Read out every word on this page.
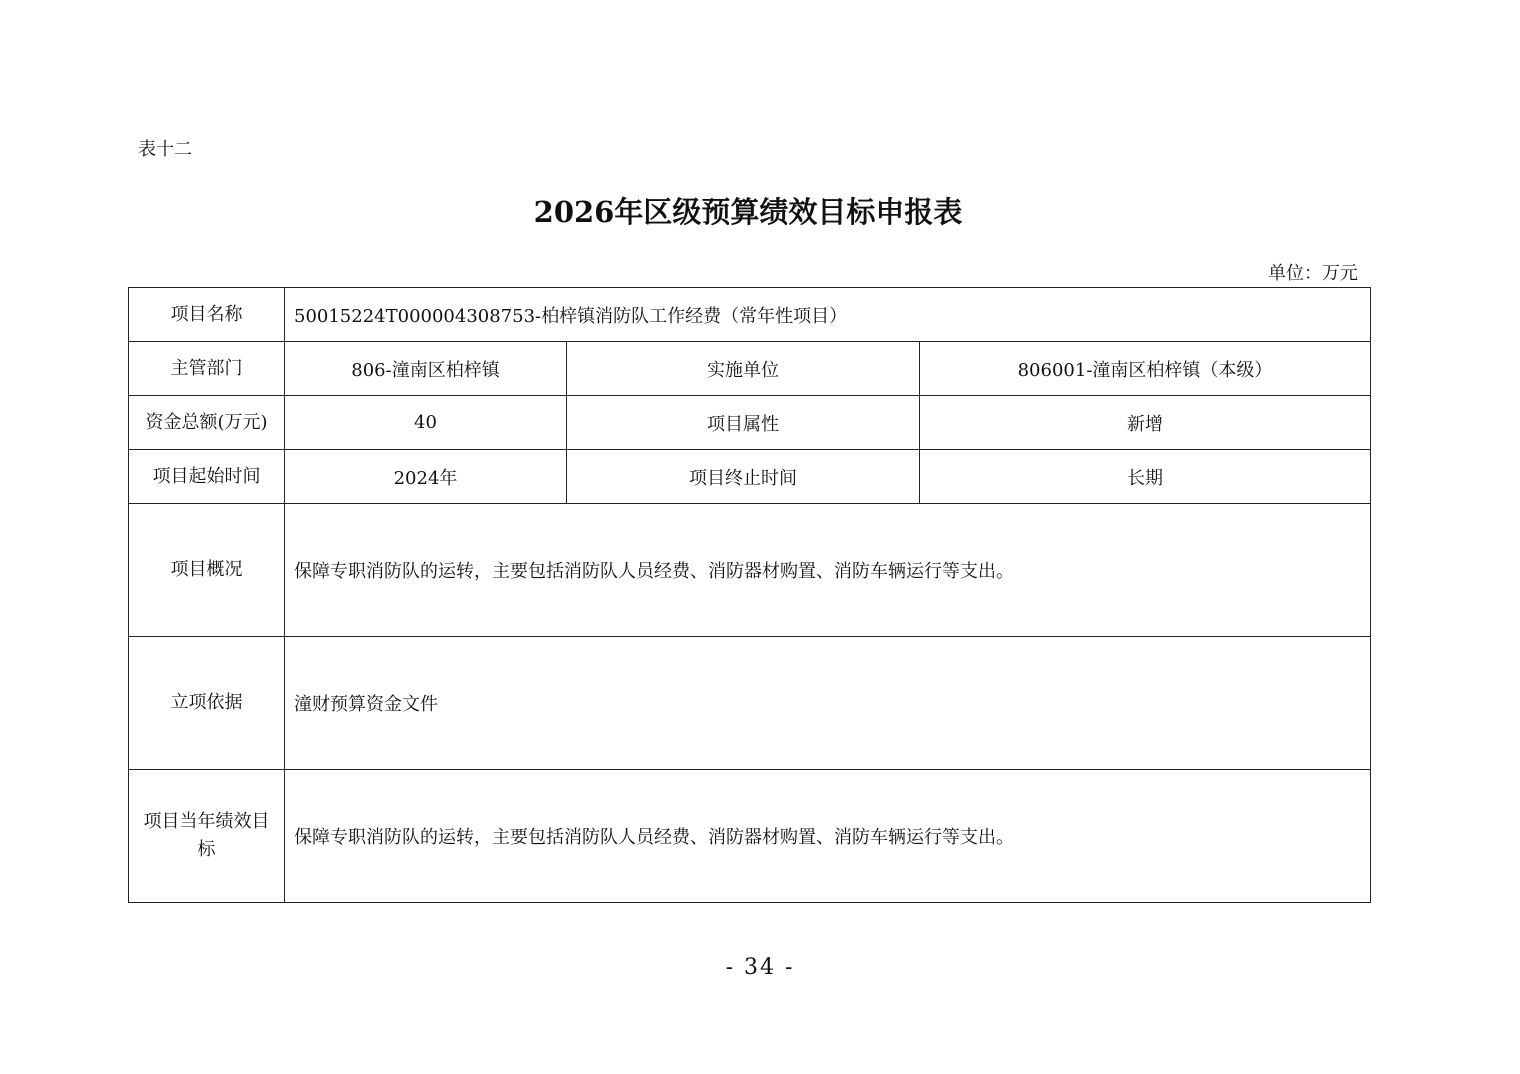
表十二
2026年区级预算绩效目标申报表
单位：万元
项目名称	50015224T000004308753-柏梓镇消防队工作经费（常年性项目）		
主管部门	806-潼南区柏梓镇	实施单位	806001-潼南区柏梓镇（本级）
资金总额(万元)	40	项目属性	新增
项目起始时间	2024年	项目终止时间	长期
项目概况	保障专职消防队的运转，主要包括消防队人员经费、消防器材购置、消防车辆运行等支出。		
立项依据	潼财预算资金文件		
项目当年绩效目标	保障专职消防队的运转，主要包括消防队人员经费、消防器材购置、消防车辆运行等支出。		
- 34 -
